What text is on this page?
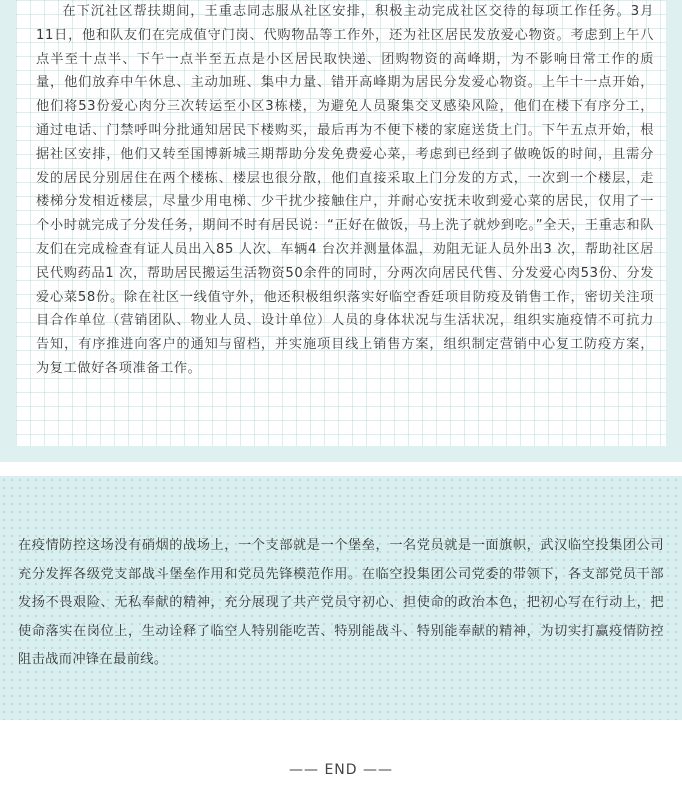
在下沉社区帮扶期间，王重志同志服从社区安排，积极主动完成社区交待的每项工作任务。3月11日，他和队友们在完成值守门岗、代购物品等工作外，还为社区居民发放爱心物资。考虑到上午八点半至十点半、下午一点半至五点是小区居民取快递、团购物资的高峰期，为不影响日常工作的质量，他们放弃中午休息、主动加班、集中力量、错开高峰期为居民分发爱心物资。上午十一点开始，他们将53份爱心肉分三次转运至小区3栋楼，为避免人员聚集交叉感染风险，他们在楼下有序分工，通过电话、门禁呼叫分批通知居民下楼购买，最后再为不便下楼的家庭送货上门。下午五点开始，根据社区安排，他们又转至国博新城三期帮助分发免费爱心菜，考虑到已经到了做晚饭的时间，且需分发的居民分别居住在两个楼栋、楼层也很分散，他们直接采取上门分发的方式，一次到一个楼层，走楼梯分发相近楼层，尽量少用电梯、少干扰少接触住户，并耐心安抚未收到爱心菜的居民，仅用了一个小时就完成了分发任务，期间不时有居民说：“正好在做饭，马上洗了就炒到吃。”全天，王重志和队友们在完成检查有证人员出入85 人次、车辆4 台次并测量体温，劝阻无证人员外出3 次，帮助社区居民代购药品1 次，帮助居民搬运生活物资50余件的同时，分两次向居民代售、分发爱心肉53份、分发爱心菜58份。除在社区一线值守外，他还积极组织落实好临空香廷项目防疫及销售工作，密切关注项目合作单位（营销团队、物业人员、设计单位）人员的身体状况与生活状况，组织实施疫情不可抗力告知，有序推进向客户的通知与留档，并实施项目线上销售方案，组织制定营销中心复工防疫方案，为复工做好各项准备工作。

在疫情防控这场没有硝烟的战场上，一个支部就是一个堡垒，一名党员就是一面旗帜，武汉临空投集团公司充分发挥各级党支部战斗堡垒作用和党员先锋模范作用。在临空投集团公司党委的带领下，各支部党员干部发扬不畏艰险、无私奉献的精神，充分展现了共产党员守初心、担使命的政治本色，把初心写在行动上，把使命落实在岗位上，生动诠释了临空人特别能吃苦、特别能战斗、特别能奉献的精神，为切实打赢疫情防控阻击战而冲锋在最前线。

—— END ——
